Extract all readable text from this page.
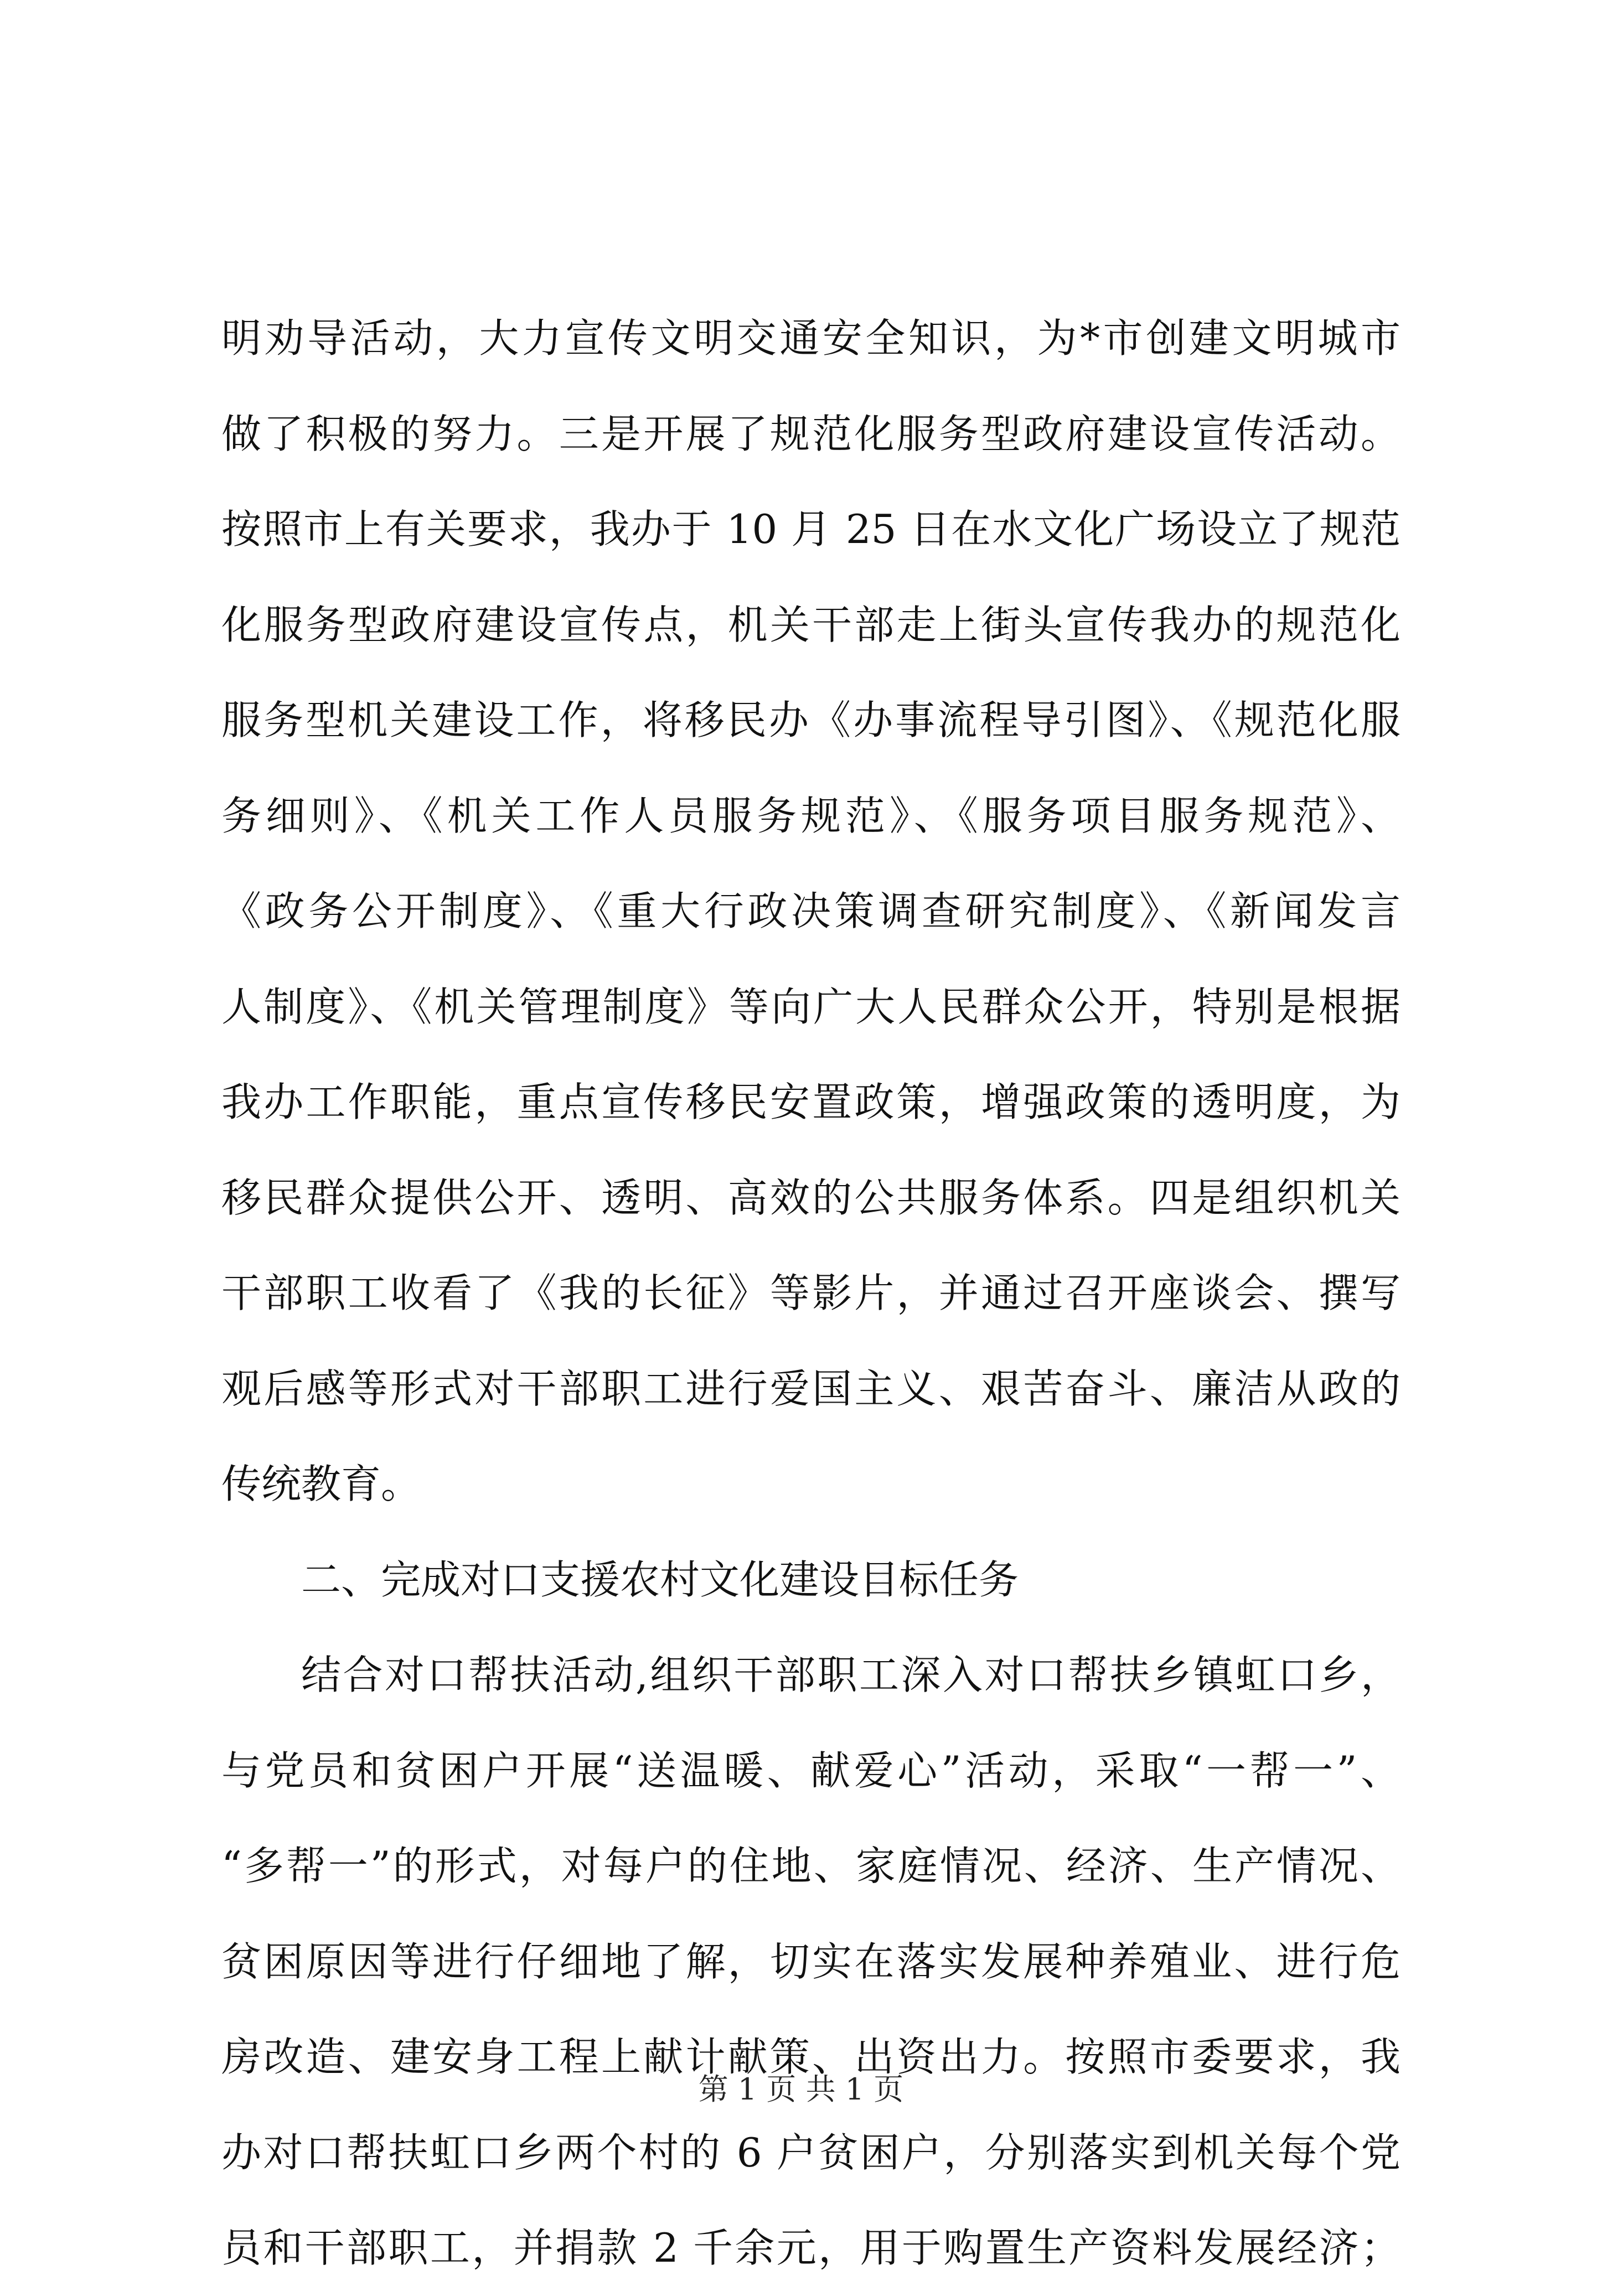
明劝导活动，大力宣传文明交通安全知识，为*市创建文明城市
做了积极的努力。三是开展了规范化服务型政府建设宣传活动。
按照市上有关要求，我办于 10 月 25 日在水文化广场设立了规范
化服务型政府建设宣传点，机关干部走上街头宣传我办的规范化
服务型机关建设工作，将移民办《办事流程导引图》、《规范化服
务细则》、《机关工作人员服务规范》、《服务项目服务规范》、
《政务公开制度》、《重大行政决策调查研究制度》、《新闻发言
人制度》、《机关管理制度》等向广大人民群众公开，特别是根据
我办工作职能，重点宣传移民安置政策，增强政策的透明度，为
移民群众提供公开、透明、高效的公共服务体系。四是组织机关
干部职工收看了《我的长征》等影片，并通过召开座谈会、撰写
观后感等形式对干部职工进行爱国主义、艰苦奋斗、廉洁从政的
传统教育。
二、完成对口支援农村文化建设目标任务
结合对口帮扶活动,组织干部职工深入对口帮扶乡镇虹口乡，
与党员和贫困户开展“送温暖、献爱心”活动，采取“一帮一”、
“多帮一”的形式，对每户的住地、家庭情况、经济、生产情况、
贫困原因等进行仔细地了解，切实在落实发展种养殖业、进行危
房改造、建安身工程上献计献策、出资出力。按照市委要求，我
办对口帮扶虹口乡两个村的 6 户贫困户，分别落实到机关每个党
员和干部职工，并捐款 2 千余元，用于购置生产资料发展经济；
第 1 页 共 1 页
